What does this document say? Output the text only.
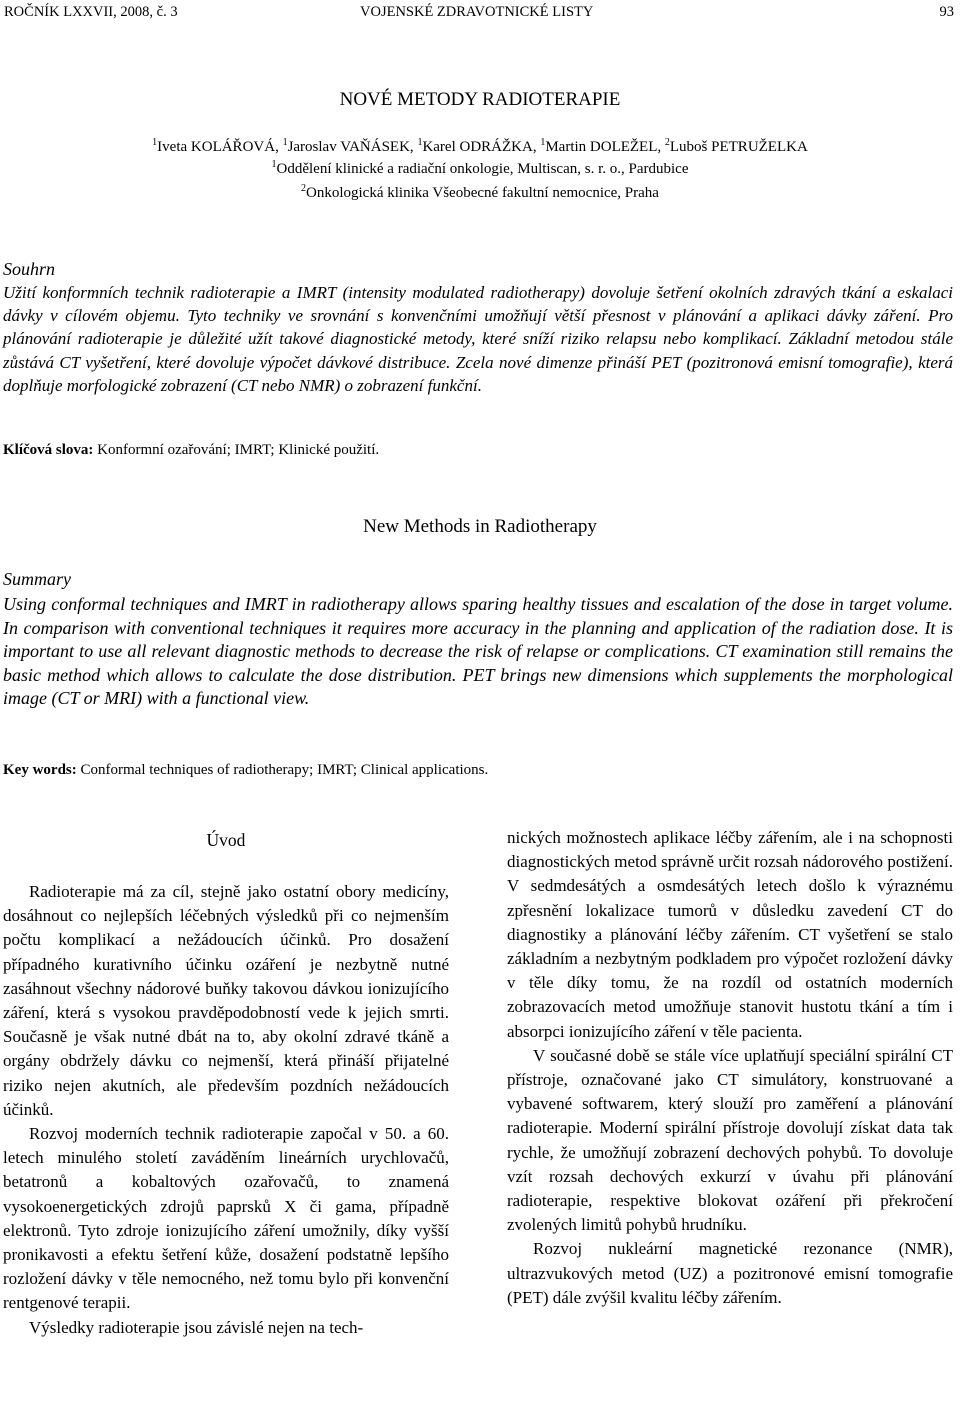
ROČNÍK LXXVII, 2008, č. 3	VOJENSKÉ ZDRAVOTNICKÉ LISTY	93
NOVÉ METODY RADIOTERAPIE
$^1$Iveta KOLÁŘOVÁ, $^1$Jaroslav VAŇÁSEK, $^1$Karel ODRÁŽKA, $^1$Martin DOLEŽEL, $^2$Luboš PETRUŽELKA
$^1$Oddělení klinické a radiační onkologie, Multiscan, s. r. o., Pardubice
$^2$Onkologická klinika Všeobecné fakultní nemocnice, Praha
Souhrn
Užití konformních technik radioterapie a IMRT (intensity modulated radiotherapy) dovoluje šetření okolních zdravých tkání a eskalaci dávky v cílovém objemu. Tyto techniky ve srovnání s konvenčními umožňují větší přesnost v plánování a aplikaci dávky záření. Pro plánování radioterapie je důležité užít takové diagnostické metody, které sníží riziko relapsu nebo komplikací. Základní metodou stále zůstává CT vyšetření, které dovoluje výpočet dávkové distribuce. Zcela nové dimenze přináší PET (pozitronová emisní tomografie), která doplňuje morfologické zobrazení (CT nebo NMR) o zobrazení funkční.
Klíčová slova: Konformní ozařování; IMRT; Klinické použití.
New Methods in Radiotherapy
Summary
Using conformal techniques and IMRT in radiotherapy allows sparing healthy tissues and escalation of the dose in target volume. In comparison with conventional techniques it requires more accuracy in the planning and application of the radiation dose. It is important to use all relevant diagnostic methods to decrease the risk of relapse or complications. CT examination still remains the basic method which allows to calculate the dose distribution. PET brings new dimensions which supplements the morphological image (CT or MRI) with a functional view.
Key words: Conformal techniques of radiotherapy; IMRT; Clinical applications.
Úvod

Radioterapie má za cíl, stejně jako ostatní obory medicíny, dosáhnout co nejlepších léčebných výsledků při co nejmenším počtu komplikací a nežádoucích účinků. Pro dosažení případného kurativního účinku ozáření je nezbytně nutné zasáhnout všechny nádorové buňky takovou dávkou ionizujícího záření, která s vysokou pravděpodobností vede k jejich smrti. Současně je však nutné dbát na to, aby okolní zdravé tkáně a orgány obdržely dávku co nejmenší, která přináší přijatelné riziko nejen akutních, ale především pozdních nežádoucích účinků.

Rozvoj moderních technik radioterapie započal v 50. a 60. letech minulého století zaváděním lineárních urychlovačů, betatronů a kobaltových ozařovačů, to znamená vysokoenergetických zdrojů paprsků X či gama, případně elektronů. Tyto zdroje ionizujícího záření umožnily, díky vyšší pronikavosti a efektu šetření kůže, dosažení podstatně lepšího rozložení dávky v těle nemocného, než tomu bylo při konvenční rentgenové terapii.

Výsledky radioterapie jsou závislé nejen na tech-

nických možnostech aplikace léčby zářením, ale i na schopnosti diagnostických metod správně určit rozsah nádorového postižení. V sedmdesátých a osmdesátých letech došlo k výraznému zpřesnění lokalizace tumorů v důsledku zavedení CT do diagnostiky a plánování léčby zářením. CT vyšetření se stalo základním a nezbytným podkladem pro výpočet rozložení dávky v těle díky tomu, že na rozdíl od ostatních moderních zobrazovacích metod umožňuje stanovit hustotu tkání a tím i absorpci ionizujícího záření v těle pacienta.

V současné době se stále více uplatňují speciální spirální CT přístroje, označované jako CT simulátory, konstruované a vybavené softwarem, který slouží pro zaměření a plánování radioterapie. Moderní spirální přístroje dovolují získat data tak rychle, že umožňují zobrazení dechových pohybů. To dovoluje vzít rozsah dechových exkurzí v úvahu při plánování radioterapie, respektive blokovat ozáření při překročení zvolených limitů pohybů hrudníku.

Rozvoj nukleární magnetické rezonance (NMR), ultrazvukových metod (UZ) a pozitronové emisní tomografie (PET) dále zvýšil kvalitu léčby zářením.
